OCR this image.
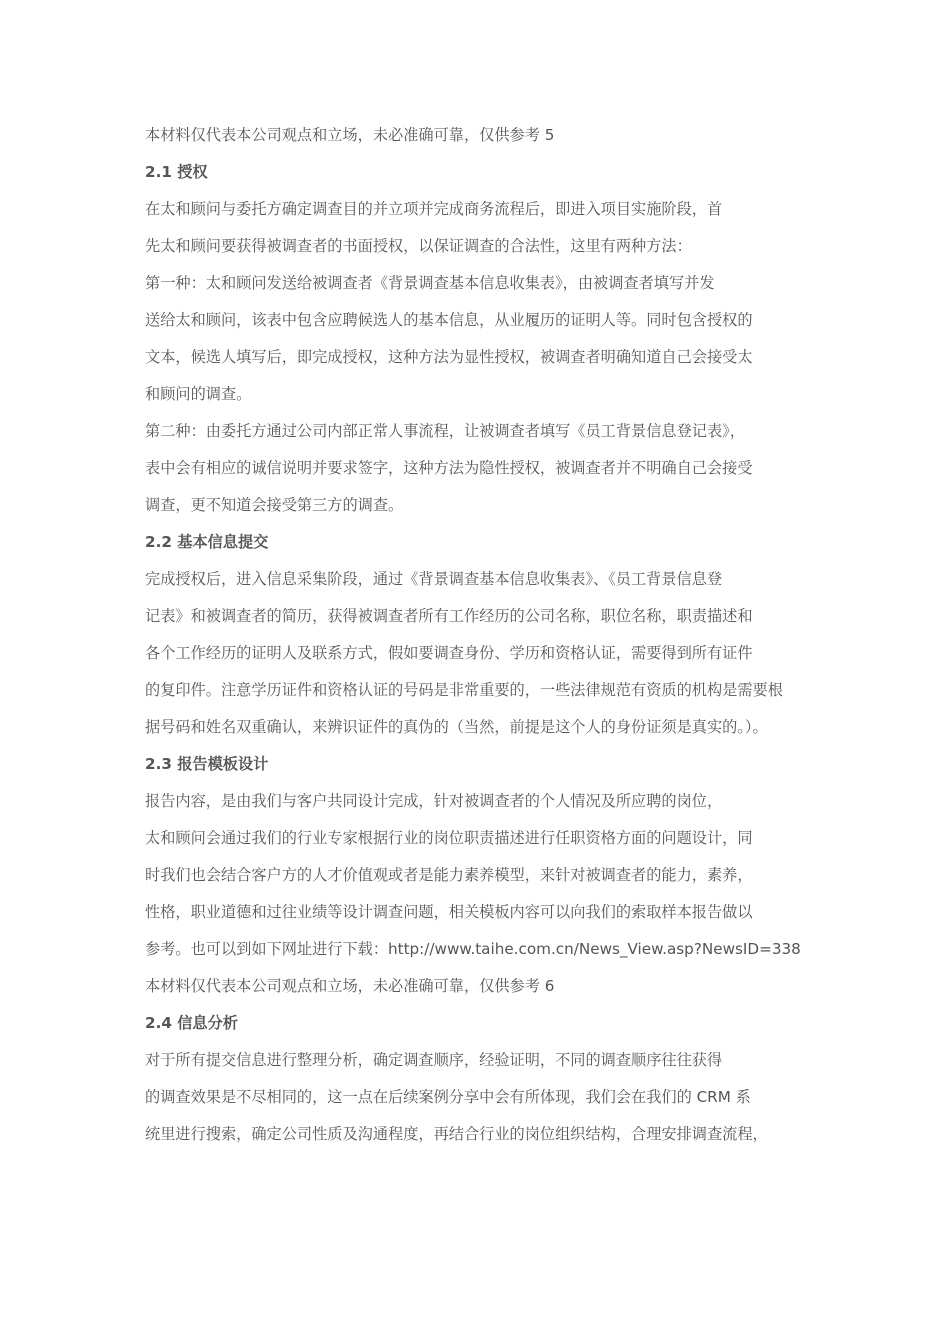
本材料仅代表本公司观点和立场，未必准确可靠，仅供参考 5

2.1 授权

在太和顾问与委托方确定调查目的并立项并完成商务流程后，即进入项目实施阶段，首

先太和顾问要获得被调查者的书面授权，以保证调查的合法性，这里有两种方法：

第一种：太和顾问发送给被调查者《背景调查基本信息收集表》，由被调查者填写并发

送给太和顾问，该表中包含应聘候选人的基本信息，从业履历的证明人等。同时包含授权的

文本，候选人填写后，即完成授权，这种方法为显性授权，被调查者明确知道自己会接受太

和顾问的调查。

第二种：由委托方通过公司内部正常人事流程，让被调查者填写《员工背景信息登记表》，

表中会有相应的诚信说明并要求签字，这种方法为隐性授权，被调查者并不明确自己会接受

调查，更不知道会接受第三方的调查。

2.2 基本信息提交

完成授权后，进入信息采集阶段，通过《背景调查基本信息收集表》、《员工背景信息登

记表》和被调查者的简历，获得被调查者所有工作经历的公司名称，职位名称，职责描述和

各个工作经历的证明人及联系方式，假如要调查身份、学历和资格认证，需要得到所有证件

的复印件。注意学历证件和资格认证的号码是非常重要的，一些法律规范有资质的机构是需要根

据号码和姓名双重确认，来辨识证件的真伪的（当然，前提是这个人的身份证须是真实的。）。

2.3 报告模板设计

报告内容，是由我们与客户共同设计完成，针对被调查者的个人情况及所应聘的岗位，

太和顾问会通过我们的行业专家根据行业的岗位职责描述进行任职资格方面的问题设计，同

时我们也会结合客户方的人才价值观或者是能力素养模型，来针对被调查者的能力，素养，

性格，职业道德和过往业绩等设计调查问题，相关模板内容可以向我们的索取样本报告做以

参考。也可以到如下网址进行下载：http://www.taihe.com.cn/News_View.asp?NewsID=338

本材料仅代表本公司观点和立场，未必准确可靠，仅供参考 6

2.4 信息分析

对于所有提交信息进行整理分析，确定调查顺序，经验证明，不同的调查顺序往往获得

的调查效果是不尽相同的，这一点在后续案例分享中会有所体现，我们会在我们的 CRM 系

统里进行搜索，确定公司性质及沟通程度，再结合行业的岗位组织结构，合理安排调查流程，
